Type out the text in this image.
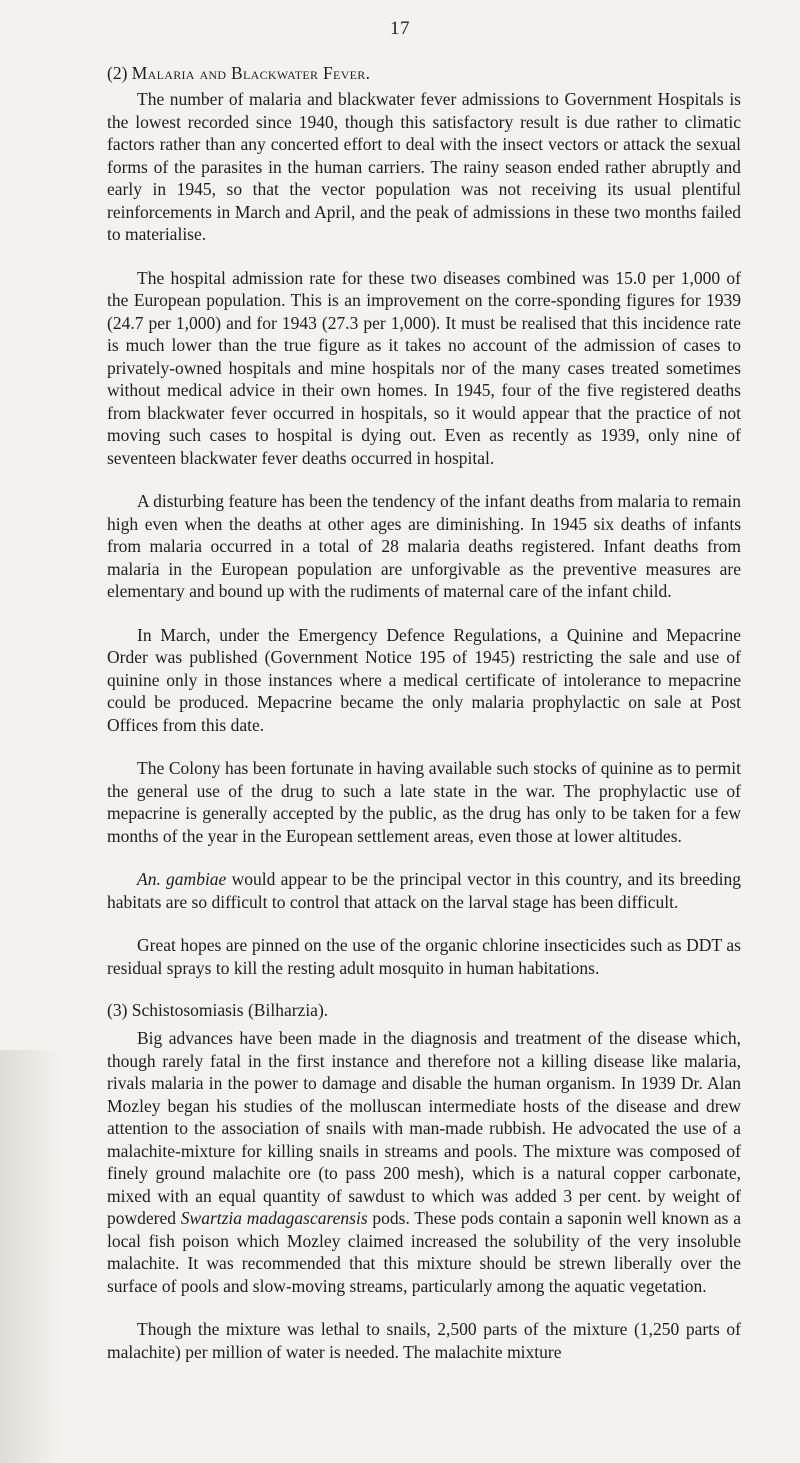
17
(2) Malaria and Blackwater Fever.

The number of malaria and blackwater fever admissions to Government Hospitals is the lowest recorded since 1940, though this satisfactory result is due rather to climatic factors rather than any concerted effort to deal with the insect vectors or attack the sexual forms of the parasites in the human carriers. The rainy season ended rather abruptly and early in 1945, so that the vector population was not receiving its usual plentiful reinforcements in March and April, and the peak of admissions in these two months failed to materialise.

The hospital admission rate for these two diseases combined was 15.0 per 1,000 of the European population. This is an improvement on the corre-sponding figures for 1939 (24.7 per 1,000) and for 1943 (27.3 per 1,000). It must be realised that this incidence rate is much lower than the true figure as it takes no account of the admission of cases to privately-owned hospitals and mine hospitals nor of the many cases treated sometimes without medical advice in their own homes. In 1945, four of the five registered deaths from blackwater fever occurred in hospitals, so it would appear that the practice of not moving such cases to hospital is dying out. Even as recently as 1939, only nine of seventeen blackwater fever deaths occurred in hospital.

A disturbing feature has been the tendency of the infant deaths from malaria to remain high even when the deaths at other ages are diminishing. In 1945 six deaths of infants from malaria occurred in a total of 28 malaria deaths registered. Infant deaths from malaria in the European population are unforgivable as the preventive measures are elementary and bound up with the rudiments of maternal care of the infant child.

In March, under the Emergency Defence Regulations, a Quinine and Mepacrine Order was published (Government Notice 195 of 1945) restricting the sale and use of quinine only in those instances where a medical certificate of intolerance to mepacrine could be produced. Mepacrine became the only malaria prophylactic on sale at Post Offices from this date.

The Colony has been fortunate in having available such stocks of quinine as to permit the general use of the drug to such a late state in the war. The prophylactic use of mepacrine is generally accepted by the public, as the drug has only to be taken for a few months of the year in the European settlement areas, even those at lower altitudes.

An. gambiae would appear to be the principal vector in this country, and its breeding habitats are so difficult to control that attack on the larval stage has been difficult.

Great hopes are pinned on the use of the organic chlorine insecticides such as DDT as residual sprays to kill the resting adult mosquito in human habitations.

(3) Schistosomiasis (Bilharzia).

Big advances have been made in the diagnosis and treatment of the disease which, though rarely fatal in the first instance and therefore not a killing disease like malaria, rivals malaria in the power to damage and disable the human organism. In 1939 Dr. Alan Mozley began his studies of the molluscan intermediate hosts of the disease and drew attention to the association of snails with man-made rubbish. He advocated the use of a malachite-mixture for killing snails in streams and pools. The mixture was composed of finely ground malachite ore (to pass 200 mesh), which is a natural copper carbonate, mixed with an equal quantity of sawdust to which was added 3 per cent. by weight of powdered Swartzia madagascarensis pods. These pods contain a saponin well known as a local fish poison which Mozley claimed increased the solubility of the very insoluble malachite. It was recommended that this mixture should be strewn liberally over the surface of pools and slow-moving streams, particularly among the aquatic vegetation.

Though the mixture was lethal to snails, 2,500 parts of the mixture (1,250 parts of malachite) per million of water is needed. The malachite mixture
